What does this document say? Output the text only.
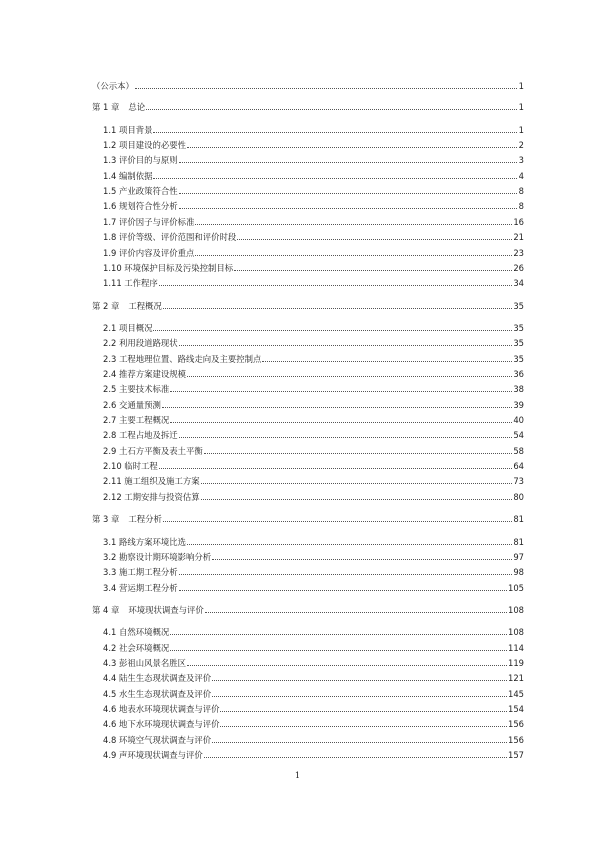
（公示本）	1
第 1 章 总论	1
1.1 项目背景	1
1.2 项目建设的必要性	2
1.3 评价目的与原则	3
1.4 编制依据	4
1.5 产业政策符合性	8
1.6 规划符合性分析	8
1.7 评价因子与评价标准	16
1.8 评价等级、评价范围和评价时段	21
1.9 评价内容及评价重点	23
1.10 环境保护目标及污染控制目标	26
1.11 工作程序	34
第 2 章 工程概况	35
2.1 项目概况	35
2.2 利用段道路现状	35
2.3 工程地理位置、路线走向及主要控制点	35
2.4 推荐方案建设规模	36
2.5 主要技术标准	38
2.6 交通量预测	39
2.7 主要工程概况	40
2.8 工程占地及拆迁	54
2.9 土石方平衡及表土平衡	58
2.10 临时工程	64
2.11 施工组织及施工方案	73
2.12 工期安排与投资估算	80
第 3 章 工程分析	81
3.1 路线方案环境比选	81
3.2 勘察设计期环境影响分析	97
3.3 施工期工程分析	98
3.4 营运期工程分析	105
第 4 章 环境现状调查与评价	108
4.1 自然环境概况	108
4.2 社会环境概况	114
4.3 彭祖山风景名胜区	119
4.4 陆生生态现状调查及评价	121
4.5 水生生态现状调查及评价	145
4.6 地表水环境现状调查与评价	154
4.6 地下水环境现状调查与评价	156
4.8 环境空气现状调查与评价	156
4.9 声环境现状调查与评价	157
1
